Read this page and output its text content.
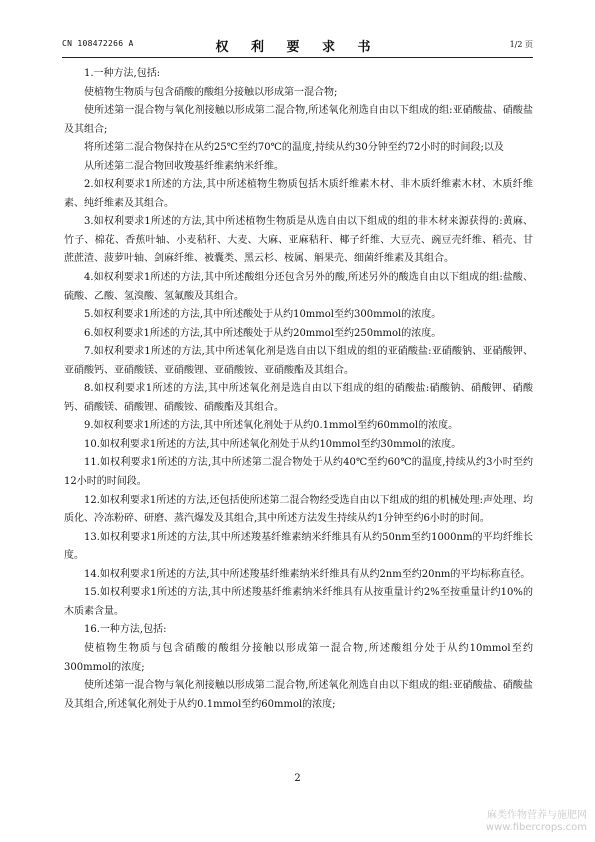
CN 108472266 A	权 利 要 求 书	1/2 页

1.一种方法,包括:

使植物生物质与包含硝酸的酸组分接触以形成第一混合物;

使所述第一混合物与氧化剂接触以形成第二混合物,所述氧化剂选自由以下组成的组:亚硝酸盐、硝酸盐及其组合;

将所述第二混合物保持在从约25℃至约70℃的温度,持续从约30分钟至约72小时的时间段;以及

从所述第二混合物回收羧基纤维素纳米纤维。

2.如权利要求1所述的方法,其中所述植物生物质包括木质纤维素木材、非木质纤维素木材、木质纤维素、纯纤维素及其组合。

3.如权利要求1所述的方法,其中所述植物生物质是从选自由以下组成的组的非木材来源获得的:黄麻、竹子、棉花、香蕉叶轴、小麦秸秆、大麦、大麻、亚麻秸秆、椰子纤维、大豆壳、豌豆壳纤维、稻壳、甘蔗蔗渣、菠萝叶轴、剑麻纤维、被囊类、黑云杉、桉属、斛果壳、细菌纤维素及其组合。

4.如权利要求1所述的方法,其中所述酸组分还包含另外的酸,所述另外的酸选自由以下组成的组:盐酸、硫酸、乙酸、氢溴酸、氢氟酸及其组合。

5.如权利要求1所述的方法,其中所述酸处于从约10mmol至约300mmol的浓度。

6.如权利要求1所述的方法,其中所述酸处于从约20mmol至约250mmol的浓度。

7.如权利要求1所述的方法,其中所述氧化剂是选自由以下组成的组的亚硝酸盐:亚硝酸钠、亚硝酸钾、亚硝酸钙、亚硝酸镁、亚硝酸锂、亚硝酸铵、亚硝酸酯及其组合。

8.如权利要求1所述的方法,其中所述氧化剂是选自由以下组成的组的硝酸盐:硝酸钠、硝酸钾、硝酸钙、硝酸镁、硝酸锂、硝酸铵、硝酸酯及其组合。

9.如权利要求1所述的方法,其中所述氧化剂处于从约0.1mmol至约60mmol的浓度。

10.如权利要求1所述的方法,其中所述氧化剂处于从约10mmol至约30mmol的浓度。

11.如权利要求1所述的方法,其中所述第二混合物处于从约40℃至约60℃的温度,持续从约3小时至约12小时的时间段。

12.如权利要求1所述的方法,还包括使所述第二混合物经受选自由以下组成的组的机械处理:声处理、均质化、冷冻粉碎、研磨、蒸汽爆发及其组合,其中所述方法发生持续从约1分钟至约6小时的时间。

13.如权利要求1所述的方法,其中所述羧基纤维素纳米纤维具有从约50nm至约1000nm的平均纤维长度。

14.如权利要求1所述的方法,其中所述羧基纤维素纳米纤维具有从约2nm至约20nm的平均标称直径。

15.如权利要求1所述的方法,其中所述羧基纤维素纳米纤维具有从按重量计约2%至按重量计约10%的木质素含量。

16.一种方法,包括:

使植物生物质与包含硝酸的酸组分接触以形成第一混合物,所述酸组分处于从约10mmol至约300mmol的浓度;

使所述第一混合物与氧化剂接触以形成第二混合物,所述氧化剂选自由以下组成的组:亚硝酸盐、硝酸盐及其组合,所述氧化剂处于从约0.1mmol至约60mmol的浓度;

2
麻类作物营养与施肥网
www.fibercrops.com
